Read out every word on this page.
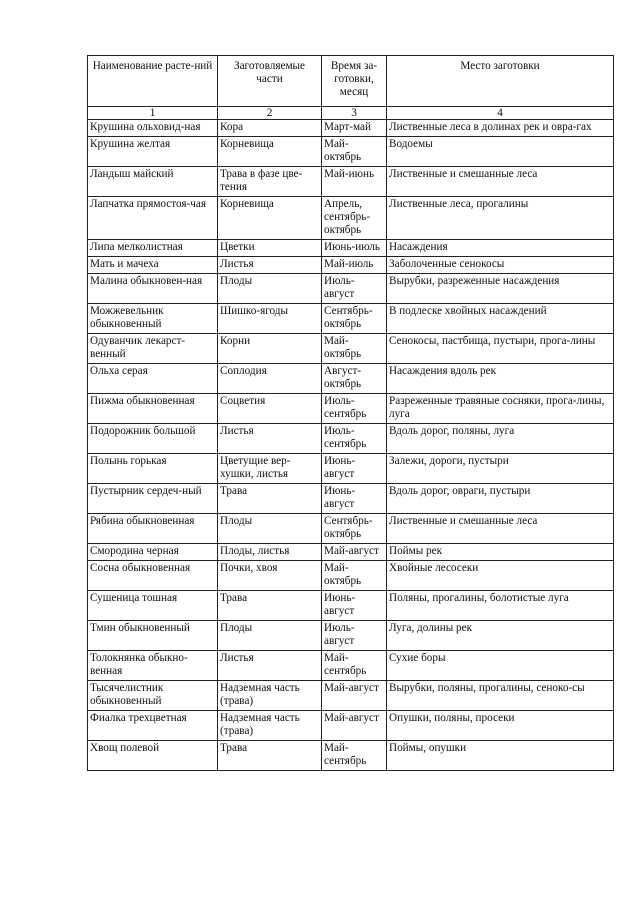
Наименование расте-ний	Заготовляемые части	Время за-готовки, месяц	Место заготовки
1	2	3	4
Крушина ольховид-ная	Кора	Март-май	Лиственные леса в долинах рек и овра-гах
Крушина желтая	Корневища	Май-октябрь	Водоемы
Ландыш майский	Трава в фазе цве-тения	Май-июнь	Лиственные и смешанные леса
Лапчатка прямостоя-чая	Корневища	Апрель, сентябрь-октябрь	Лиственные леса, прогалины
Липа мелколистная	Цветки	Июнь-июль	Насаждения
Мать и мачеха	Листья	Май-июль	Заболоченные сенокосы
Малина обыкновен-ная	Плоды	Июль-август	Вырубки, разреженные насаждения
Можжевельник обыкновенный	Шишко-ягоды	Сентябрь-октябрь	В подлеске хвойных насаждений
Одуванчик лекарст-венный	Корни	Май-октябрь	Сенокосы, пастбища, пустыри, прога-лины
Ольха серая	Соплодия	Август-октябрь	Насаждения вдоль рек
Пижма обыкновенная	Соцветия	Июль-сентябрь	Разреженные травяные сосняки, прога-лины, луга
Подорожник большой	Листья	Июль-сентябрь	Вдоль дорог, поляны, луга
Полынь горькая	Цветущие вер-хушки, листья	Июнь-август	Залежи, дороги, пустыри
Пустырник сердеч-ный	Трава	Июнь-август	Вдоль дорог, овраги, пустыри
Рябина обыкновенная	Плоды	Сентябрь-октябрь	Лиственные и смешанные леса
Смородина черная	Плоды, листья	Май-август	Поймы рек
Сосна обыкновенная	Почки, хвоя	Май-октябрь	Хвойные лесосеки
Сушеница тошная	Трава	Июнь-август	Поляны, прогалины, болотистые луга
Тмин обыкновенный	Плоды	Июль-август	Луга, долины рек
Толокнянка обыкно-венная	Листья	Май-сентябрь	Сухие боры
Тысячелистник обыкновенный	Надземная часть (трава)	Май-август	Вырубки, поляны, прогалины, сеноко-сы
Фиалка трехцветная	Надземная часть (трава)	Май-август	Опушки, поляны, просеки
Хвощ полевой	Трава	Май-сентябрь	Поймы, опушки
